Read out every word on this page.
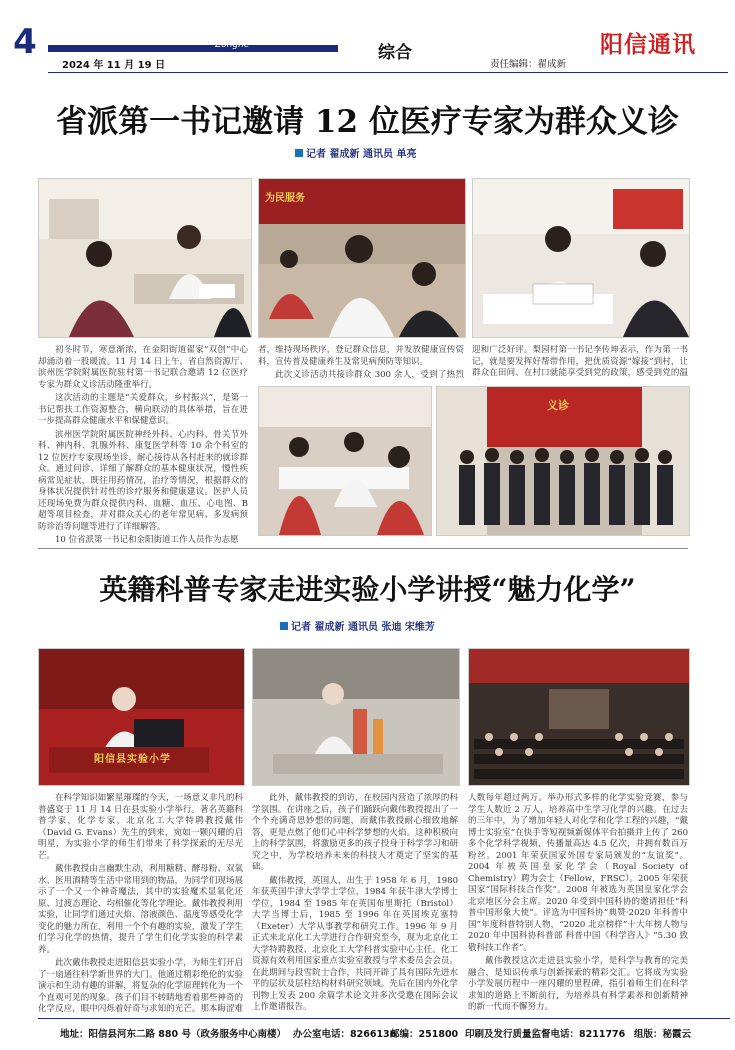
4	Zonghe
2024 年 11 月 19 日
综合
责任编辑：翟成新
阳信通讯
省派第一书记邀请 12 位医疗专家为群众义诊
记者 翟成新 通讯员 单亮
为民服务

初冬时节，寒意渐浓，在金阳街道翟家“双创”中心却涌动着一股暖流。11 月 14 日上午，省自然资源厅、滨州医学院附属医院驻村第一书记联合邀请 12 位医疗专家为群众义诊活动隆重举行。

这次活动的主题是“关爱群众，乡村振兴”，是第一书记帮扶工作资源整合、横向联动的具体举措，旨在进一步提高群众健康水平和保健意识。

滨州医学院附属医院神经外科、心内科、骨关节外科、神内科、乳腺外科、康复医学科等 10 余个科室的 12 位医疗专家现场坐诊，耐心接待从各村赶来的就诊群众。通过问诊、详细了解群众的基本健康状况，慢性疾病常见症状，既往用药情况，治疗等情况，根据群众的身体状况提供针对性的诊疗服务和健康建议。医护人员还现场免费为群众提供内科、血糖、血压、心电图、B 超等项目检查，并对群众关心的老年常见病、多发病预防诊治等问题等进行了详细解答。

10 位省派第一书记和金阳街道工作人员作为志愿

者，维持现场秩序，登记群众信息，并发放健康宣传资料，宣传普及健康养生及常见病预防等知识。

此次义诊活动共接诊群众 300 余人，受到了热烈

迎和广泛好评。梨园村第一书记李传坤表示，作为第一书记，就是要发挥好帮带作用，把优质资源“嫁接”到村，让群众在田间、在村口就能享受到党的政策，感受到党的温

义诊
英籍科普专家走进实验小学讲授“魅力化学”
记者 翟成新 通讯员 张迪 宋维芳
阳信县实验小学

在科学知识如繁星璀璨的今天，一场意义非凡的科普盛宴于 11 月 14 日在县实验小学举行。著名英籍科普学家，化学专家，北京化工大学特聘教授戴伟（David G. Evans）先生的到来，宛如一颗闪耀的启明星，为实验小学的师生们带来了科学探索的无尽光芒。

戴伟教授由言幽默生动，利用糖精、酵母粉、双氧水、医用酒精等生活中常用到的物品，为同学们现场展示了一个又一个神奇魔法，其中的实验魔术显氧化还原、过渡态理论、均相催化等化学理论。戴伟教授利用实验，让同学们通过火焰、溶液颜色、温度等感受化学变化的魅力所在，利用一个个有趣的实验，激发了学生们学习化学的热情，提升了学生们化学实验的科学素养。

此次戴伟教授走进阳信县实验小学，为师生们开启了一扇通往科学新世界的大门。他通过精彩绝伦的实验演示和生动有趣的讲解，将复杂的化学原理转化为一个个直观可见的现象。孩子们目不转睛地看着那些神奇的化学反应，眼中闪烁着好奇与求知的光芒。那本晦涩难

此外，戴伟教授的到访，在校园内营造了浓厚的科学氛围。在讲座之后，孩子们踊跃向戴伟教授提出了一个个充满奇思妙想的问题，而戴伟教授耐心细致地解答，更是点燃了他们心中科学梦想的火焰。这种积极向上的科学氛围，将激励更多的孩子投身于科学学习和研究之中，为学校培养未来的科技人才奠定了坚实的基础。

戴伟教授，英国人，出生于 1958 年 6 月，1980 年获英国牛津大学学士学位，1984 年获牛津大学博士学位，1984 至 1985 年在英国布里斯托（Bristol）大学当博士后，1985 至 1996 年在英国埃克塞特（Exeter）大学从事教学和研究工作。1996 年 9 月正式来北京化工大学进行合作研究至今，现为北京化工大学特聘教授、北京化工大学科普实验中心主任。化工资源有效利用国家重点实验室教授与学术委员会会员。在此期间与段雪院士合作，共同开辟了具有国际先进水平的层状及层柱结构材料研究领域。先后在国内外化学刊物上发表 200 余篇学术论文并多次受邀在国际会议上作邀请报告。

人数每年超过两万。举办形式多样的化学实验竞赛，参与学生人数近 2 万人，培养高中生学习化学的兴趣。在过去的三年中，为了增加年轻人对化学和化学工程的兴趣，“戴博士实验室”在快手等短视频新媒体平台拍摄并上传了 260 多个化学科学视频，传播量高达 4.5 亿次，并拥有数百万粉丝。2001 年荣获国家外国专家局颁发的“友谊奖”。2004 年被英国皇家化学会（Royal Society of Chemistry）聘为会士（Fellow，FRSC）。2005 年荣获国家“国际科技合作奖”。2008 年被选为英国皇家化学会北京地区分会主席。2020 年受到中国科协的邀请担任“科普中国形象大使”。评选为中国科协“典赞·2020 年科普中国”年度科普特别人物，“2020 北京榜样”十大年榜人物与 2020 年中国科协科普部 科普中国《科学咨人》“5.30 致敬科技工作者”。

戴伟教授这次走进县实验小学，是科学与教育的完美融合，是知识传承与创新探索的精彩交汇。它将成为实验小学发展历程中一座闪耀的里程碑，指引着师生们在科学求知的道路上不断前行，为培养具有科学素养和创新精神的新一代而不懈努力。

地址：阳信县河东二路 880 号（政务服务中心南楼） 办公室电话：8266136
邮编：251800 印刷及发行质量监督电话：8211776 组版：秘霞云
